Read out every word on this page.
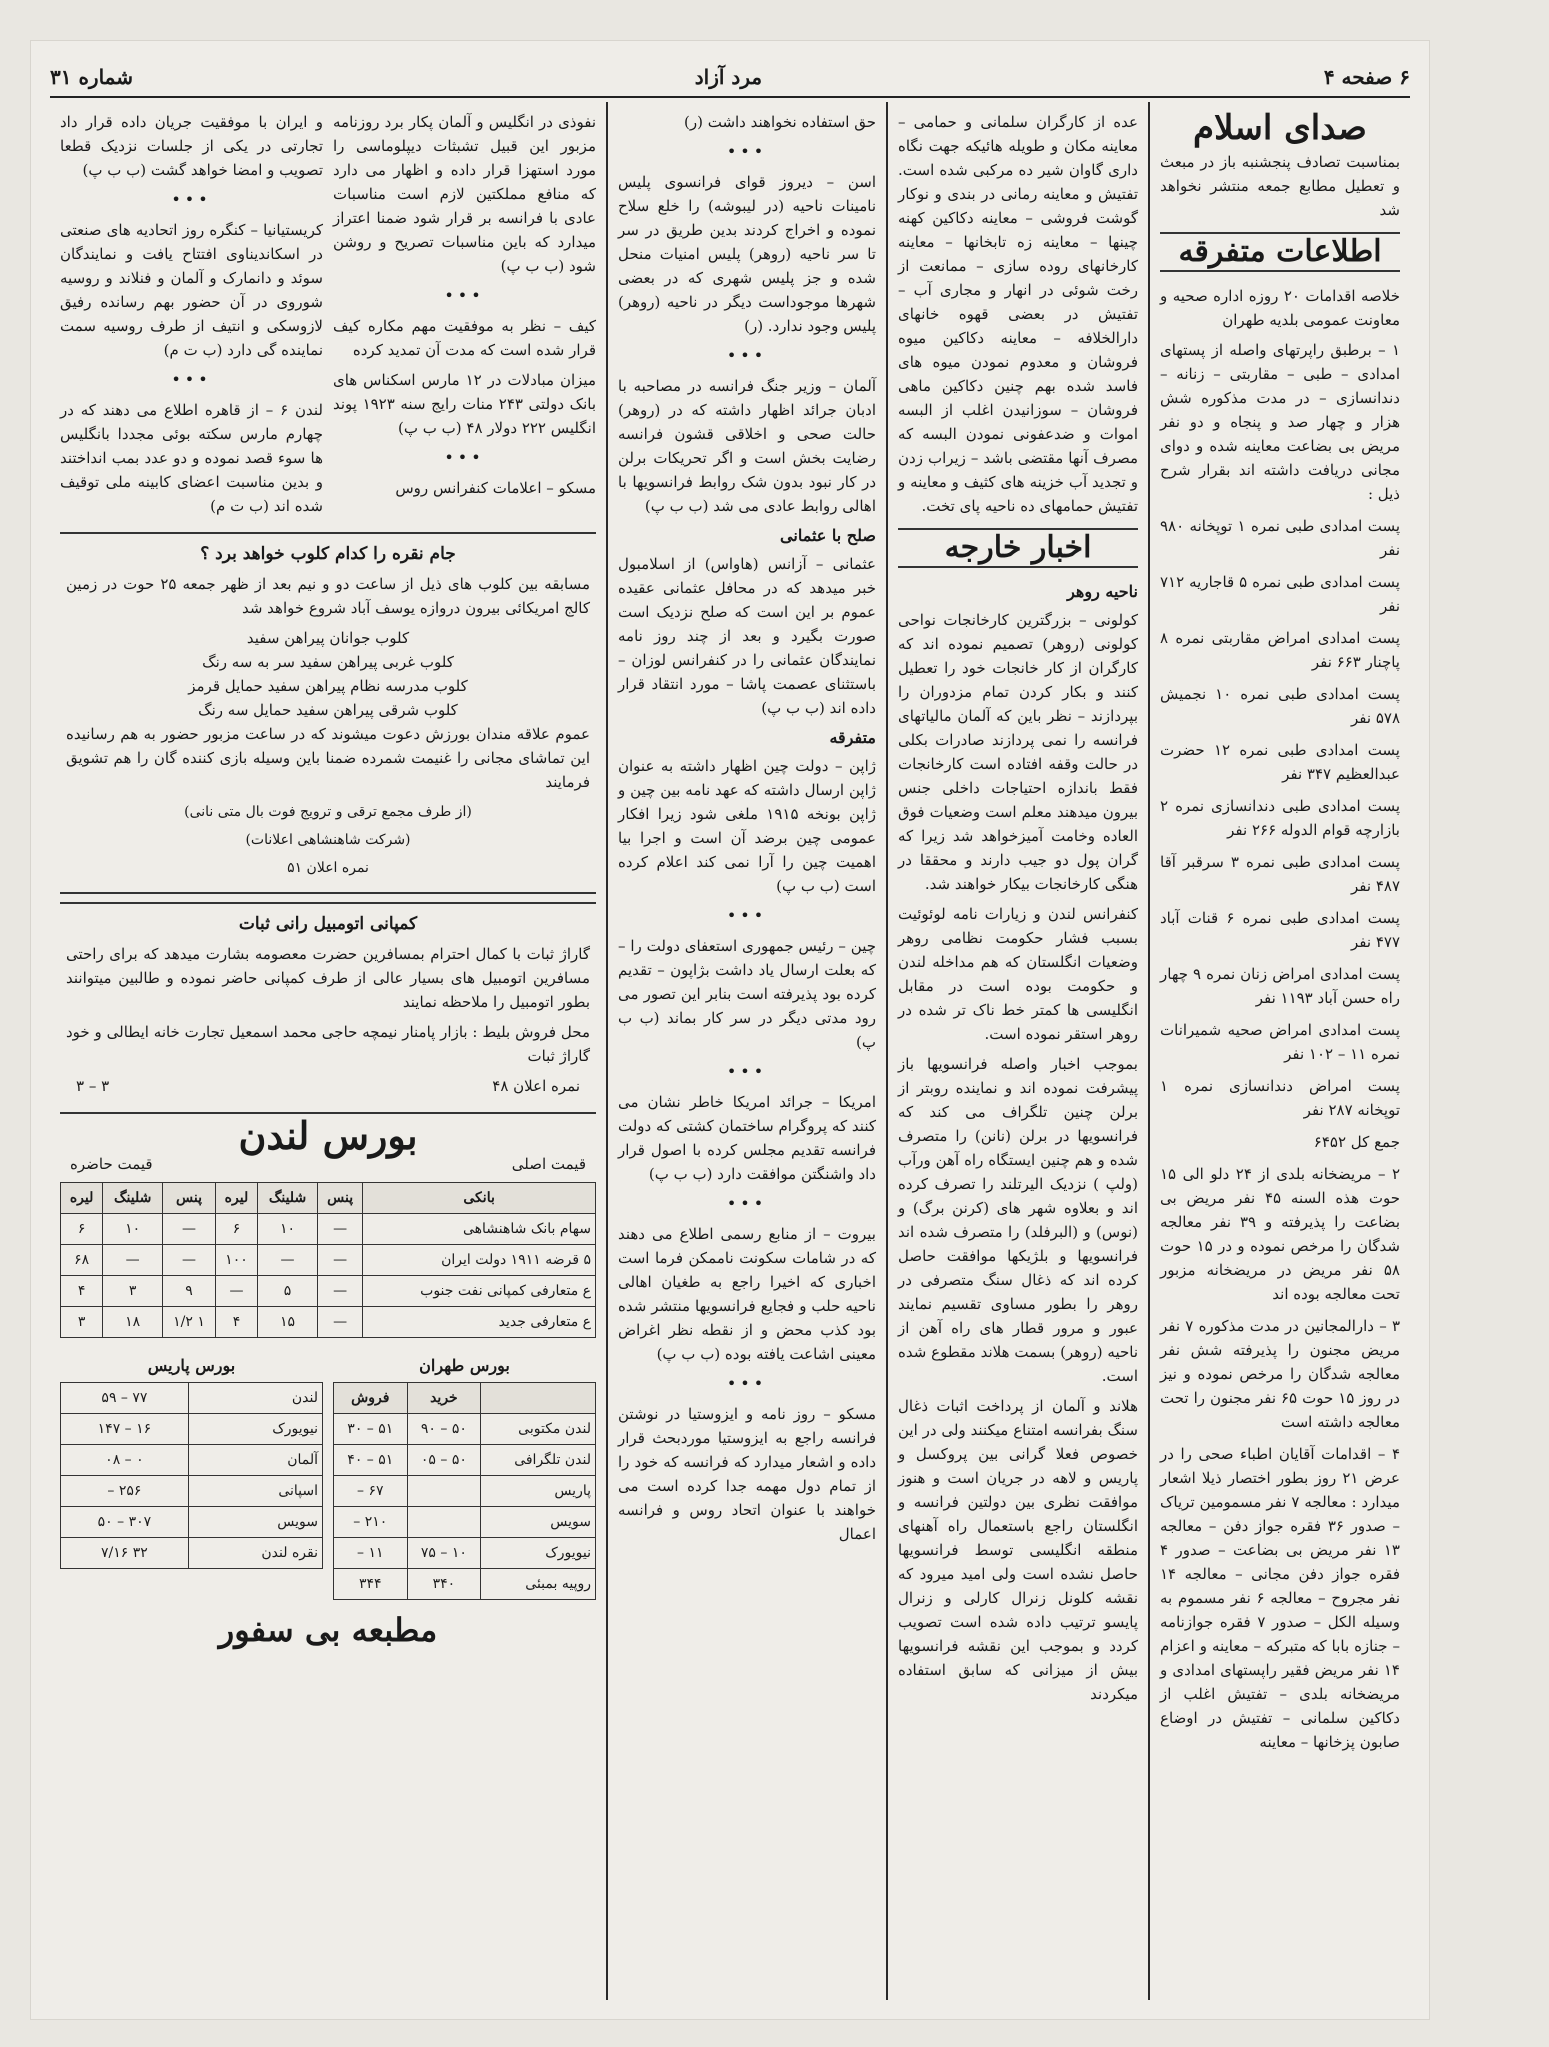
۶ صفحه ۴
مرد آزاد
شماره ۳۱
صدای اسلام
بمناسبت تصادف پنجشنبه باز در مبعث و تعطیل مطابع جمعه منتشر نخواهد شد
اطلاعات متفرقه

خلاصه اقدامات ۲۰ روزه اداره صحیه و معاونت عمومی بلدیه طهران

۱ – برطبق راپرتهای واصله از پستهای امدادی – طبی – مقاربتی – زنانه – دندانسازی – در مدت مذکوره شش هزار و چهار صد و پنجاه و دو نفر مریض بی بضاعت معاینه شده و دوای مجانی دریافت داشته اند بقرار شرح ذیل :

پست امدادی طبی نمره ۱ توپخانه ۹۸۰ نفر

پست امدادی طبی نمره ۵ قاجاریه ۷۱۲ نفر

پست امدادی امراض مقاربتی نمره ۸ پاچنار ۶۶۳ نفر

پست امدادی طبی نمره ۱۰ نجمیش ۵۷۸ نفر

پست امدادی طبی نمره ۱۲ حضرت عبدالعظیم ۳۴۷ نفر

پست امدادی طبی دندانسازی نمره ۲ بازارچه قوام الدوله ۲۶۶ نفر

پست امدادی طبی نمره ۳ سرقبر آقا ۴۸۷ نفر

پست امدادی طبی نمره ۶ قنات آباد ۴۷۷ نفر

پست امدادی امراض زنان نمره ۹ چهار راه حسن آباد ۱۱۹۳ نفر

پست امدادی امراض صحیه شمیرانات نمره ۱۱ – ۱۰۲ نفر

پست امراض دندانسازی نمره ۱ توپخانه ۲۸۷ نفر

جمع کل ۶۴۵۲

۲ – مریضخانه بلدی از ۲۴ دلو الی ۱۵ حوت هذه السنه ۴۵ نفر مریض بی بضاعت را پذیرفته و ۳۹ نفر معالجه شدگان را مرخص نموده و در ۱۵ حوت ۵۸ نفر مریض در مریضخانه مزبور تحت معالجه بوده اند

۳ – دارالمجانین در مدت مذکوره ۷ نفر مریض مجنون را پذیرفته شش نفر معالجه شدگان را مرخص نموده و نیز در روز ۱۵ حوت ۶۵ نفر مجنون را تحت معالجه داشته است

۴ – اقدامات آقایان اطباء صحی را در عرض ۲۱ روز بطور اختصار ذیلا اشعار میدارد : معالجه ۷ نفر مسمومین تریاک – صدور ۳۶ فقره جواز دفن – معالجه ۱۳ نفر مریض بی بضاعت – صدور ۴ فقره جواز دفن مجانی – معالجه ۱۴ نفر مجروح – معالجه ۶ نفر مسموم به وسیله الکل – صدور ۷ فقره جوازنامه – جنازه بابا که متبرکه – معاینه و اعزام ۱۴ نفر مریض فقیر راپستهای امدادی و مریضخانه بلدی – تفتیش اغلب از دکاکین سلمانی – تفتیش در اوضاع صابون پزخانها – معاینه

عده از کارگران سلمانی و حمامی – معاینه مکان و طویله هائیکه جهت نگاه داری گاوان شیر ده مرکبی شده است. تفتیش و معاینه رمانی در بندی و نوکار گوشت فروشی – معاینه دکاکین کهنه چینها – معاینه زه تابخانها – معاینه کارخانهای روده سازی – ممانعت از رخت شوئی در انهار و مجاری آب – تفتیش در بعضی قهوه خانهای دارالخلافه – معاینه دکاکین میوه فروشان و معدوم نمودن میوه های فاسد شده بهم چنین دکاکین ماهی فروشان – سوزانیدن اغلب از البسه اموات و ضدعفونی نمودن البسه که مصرف آنها مقتضی باشد – زیراب زدن و تجدید آب خزینه های کثیف و معاینه و تفتیش حمامهای ده ناحیه پای تخت.

اخبار خارجه
ناحیه روهر

کولونی – بزرگترین کارخانجات نواحی کولونی (روهر) تصمیم نموده اند که کارگران از کار خانجات خود را تعطیل کنند و بکار کردن تمام مزدوران را بپردازند – نظر باین که آلمان مالیاتهای فرانسه را نمی پردازند صادرات بکلی در حالت وقفه افتاده است کارخانجات فقط باندازه احتیاجات داخلی جنس بیرون میدهند معلم است وضعیات فوق العاده وخامت آمیزخواهد شد زیرا که گران پول دو جیب دارند و محققا در هنگی کارخانجات بیکار خواهند شد.

کنفرانس لندن و زیارات نامه لوئوئیت بسبب فشار حکومت نظامی روهر وضعیات انگلستان که هم مداخله لندن و حکومت بوده است در مقابل انگلیسی ها کمتر خط ناک تر شده در روهر استقر نموده است.

بموجب اخبار واصله فرانسویها باز پیشرفت نموده اند و نماینده روبتر از برلن چنین تلگراف می کند که فرانسویها در برلن (نانن) را متصرف شده و هم چنین ایستگاه راه آهن ورآب (ولپ ) نزدیک الیرتلند را تصرف کرده اند و بعلاوه شهر های (کرنن برگ) و (نوس) و (البرفلد) را متصرف شده اند فرانسویها و بلژیکها موافقت حاصل کرده اند که ذغال سنگ متصرفی در روهر را بطور مساوی تقسیم نمایند عبور و مرور قطار های راه آهن از ناحیه (روهر) بسمت هلاند مقطوع شده است.

هلاند و آلمان از پرداخت اثبات ذغال سنگ بفرانسه امتناع میکنند ولی در این خصوص فعلا گرانی بین پروکسل و پاریس و لاهه در جریان است و هنوز موافقت نظری بین دولتین فرانسه و انگلستان راجع باستعمال راه آهنهای منطقه انگلیسی توسط فرانسویها حاصل نشده است ولی امید میرود که نقشه کلونل زنرال کارلی و زنرال پایسو ترتیب داده شده است تصویب کردد و بموجب این نقشه فرانسویها بیش از میزانی که سابق استفاده میکردند

حق استفاده نخواهند داشت (ر)

•••

اسن – دیروز قوای فرانسوی پلیس نامینات ناحیه (در لیبوشه) را خلع سلاح نموده و اخراج کردند بدین طریق در سر تا سر ناحیه (روهر) پلیس امنیات منحل شده و جز پلیس شهری که در بعضی شهرها موجوداست دیگر در ناحیه (روهر) پلیس وجود ندارد. (ر)

•••

آلمان – وزیر جنگ فرانسه در مصاحبه با ادبان جرائد اظهار داشته که در (روهر) حالت صحی و اخلاقی قشون فرانسه رضایت بخش است و اگر تحریکات برلن در کار نبود بدون شک روابط فرانسویها با اهالی روابط عادی می شد (ب ب پ)

صلح با عثمانی

عثمانی – آزانس (هاواس) از اسلامبول خبر میدهد که در محافل عثمانی عقیده عموم بر این است که صلح نزدیک است صورت بگیرد و بعد از چند روز نامه نمایندگان عثمانی را در کنفرانس لوزان – باستثنای عصمت پاشا – مورد انتقاد قرار داده اند (ب ب پ)

متفرقه

ژاپن – دولت چین اظهار داشته به عنوان ژاپن ارسال داشته که عهد نامه بین چین و ژاپن بونخه ۱۹۱۵ ملغی شود زیرا افکار عمومی چین برضد آن است و اجرا بیا اهمیت چین را آرا نمی کند اعلام کرده است (ب ب پ)

•••

چین – رئیس جمهوری استعفای دولت را – که بعلت ارسال یاد داشت بژاپون – تقدیم کرده بود پذیرفته است بنابر این تصور می رود مدتی دیگر در سر کار بماند (ب ب پ)

•••

امریکا – جرائد امریکا خاطر نشان می کنند که پروگرام ساختمان کشتی که دولت فرانسه تقدیم مجلس کرده با اصول قرار داد واشنگتن موافقت دارد (ب ب پ)

•••

بیروت – از منابع رسمی اطلاع می دهند که در شامات سکونت ناممکن فرما است اخباری که اخیرا راجع به طغیان اهالی ناحیه حلب و فجایع فرانسویها منتشر شده بود کذب محض و از نقطه نظر اغراض معینی اشاعت یافته بوده (ب ب پ)

•••

مسکو – روز نامه و ایزوستیا در نوشتن فرانسه راجع به ایزوستیا موردبحث قرار داده و اشعار میدارد که فرانسه که خود را از تمام دول مهمه جدا کرده است می خواهند با عنوان اتحاد روس و فرانسه اعمال

نفوذی در انگلیس و آلمان پکار برد روزنامه مزبور این قبیل تشبثات دیپلوماسی را مورد استهزا قرار داده و اظهار می دارد که منافع مملکتین لازم است مناسبات عادی با فرانسه بر قرار شود ضمنا اعتراز میدارد که باین مناسبات تصریح و روشن شود (ب ب پ)

•••

کیف – نظر به موفقیت مهم مکاره کیف قرار شده است که مدت آن تمدید کرده

میزان مبادلات در ۱۲ مارس اسکناس های بانک دولتی ۲۴۳ منات رایج سنه ۱۹۲۳ پوند انگلیس ۲۲۲ دولار ۴۸ (ب ب پ)

•••

مسکو – اعلامات کنفرانس روس

و ایران با موفقیت جریان داده قرار داد تجارتی در یکی از جلسات نزدیک قطعا تصویب و امضا خواهد گشت (ب ب پ)

•••

کریستیانیا – کنگره روز اتحادیه های صنعتی در اسکاندیناوی افتتاح یافت و نمایندگان سوئد و دانمارک و آلمان و فنلاند و روسیه شوروی در آن حضور بهم رسانده رفیق لازوسکی و انتیف از طرف روسیه سمت نماینده گی دارد (ب ت م)

•••

لندن ۶ – از قاهره اطلاع می دهند که در چهارم مارس سکته بوئی مجددا بانگلیس ها سوء قصد نموده و دو عدد بمب انداختند و بدین مناسبت اعضای کابینه ملی توقیف شده اند (ب ت م)

جام نقره را کدام کلوب خواهد برد ؟

مسابقه بین کلوب های ذیل از ساعت دو و نیم بعد از ظهر جمعه ۲۵ حوت در زمین کالج امریکائی بیرون دروازه یوسف آباد شروع خواهد شد

کلوب جوانان پیراهن سفید
کلوب غربی پیراهن سفید سر به سه رنگ
کلوب مدرسه نظام پیراهن سفید حمایل قرمز
کلوب شرقی پیراهن سفید حمایل سه رنگ

عموم علاقه مندان بورزش دعوت میشوند که در ساعت مزبور حضور به هم رسانیده این تماشای مجانی را غنیمت شمرده ضمنا باین وسیله بازی کننده گان را هم تشویق فرمایند

(از طرف مجمع ترقی و ترویج فوت بال متی نانی)
(شرکت شاهنشاهی اعلانات)
نمره اعلان ۵۱
کمپانی اتومبیل رانی ثبات

گاراژ ثبات با کمال احترام بمسافرین حضرت معصومه بشارت میدهد که برای راحتی مسافرین اتومبیل های بسیار عالی از طرف کمپانی حاضر نموده و طالبین میتوانند بطور اتومبیل را ملاحظه نمایند

محل فروش بلیط : بازار پامنار نیمچه حاجی محمد اسمعیل تجارت خانه ایطالی و خود گاراژ ثبات

نمره اعلان ۴۸
۳ – ۳
بورس لندن
قیمت اصلی
قیمت حاضره
بانکی	پنس	شلینگ	لیره	پنس	شلینگ	لیره
سهام بانک شاهنشاهی	—	۱۰	۶	—	۱۰	۶
۵ قرضه ۱۹۱۱ دولت ایران	—	—	۱۰۰	—	—	۶۸
ع متعارفی کمپانی نفت جنوب	—	۵	—	۹	۳	۴
ع متعارفی جدید	—	۱۵	۴	۱ ۱/۲	۱۸	۳
بورس طهران
	خرید	فروش
لندن مکتوبی	۵۰ – ۹۰	۵۱ – ۳۰
لندن تلگرافی	۵۰ – ۰۵	۵۱ – ۴۰
پاریس		۶۷ –
سویس		۲۱۰ –
نیویورک	۱۰ – ۷۵	۱۱ –
روپیه بمبئی	۳۴۰	۳۴۴
بورس پاریس
لندن	۷۷ – ۵۹
نیویورک	۱۶ – ۱۴۷
آلمان	۰ – ۰۸
اسپانی	۲۵۶ –
سویس	۳۰۷ – ۵۰
نقره لندن	۳۲ ۷/۱۶
مطبعه بی سفور
